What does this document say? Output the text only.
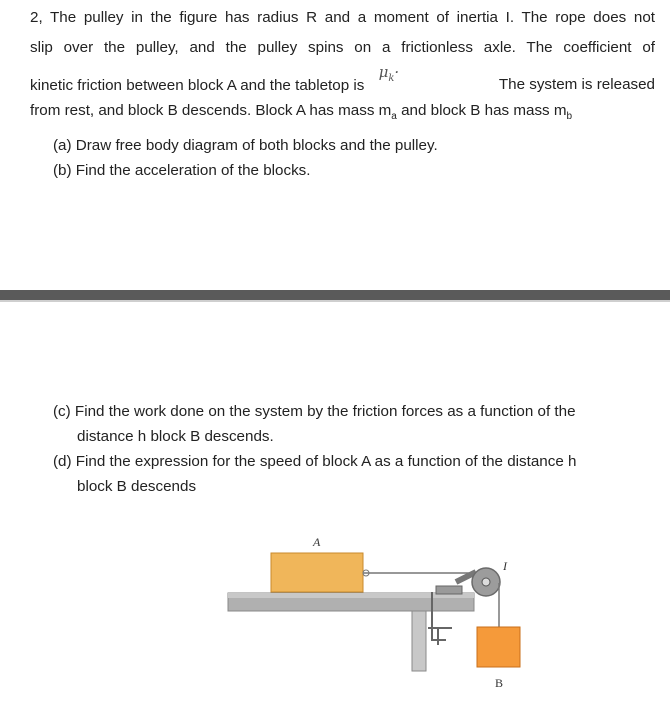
2, The pulley in the figure has radius R and a moment of inertia I. The rope does not
slip over the pulley, and the pulley spins on a frictionless axle. The coefficient of
kinetic friction between block A and the tabletop is $\mu_k\cdot$
The system is released
from rest, and block B descends. Block A has mass $m_a$ and block B has mass $m_b$
(a) Draw free body diagram of both blocks and the pulley.
(b) Find the acceleration of the blocks.
(c) Find the work done on the system by the friction forces as a function of the
distance h block B descends.
(d) Find the expression for the speed of block A as a function of the distance h
block B descends
A
I
B
